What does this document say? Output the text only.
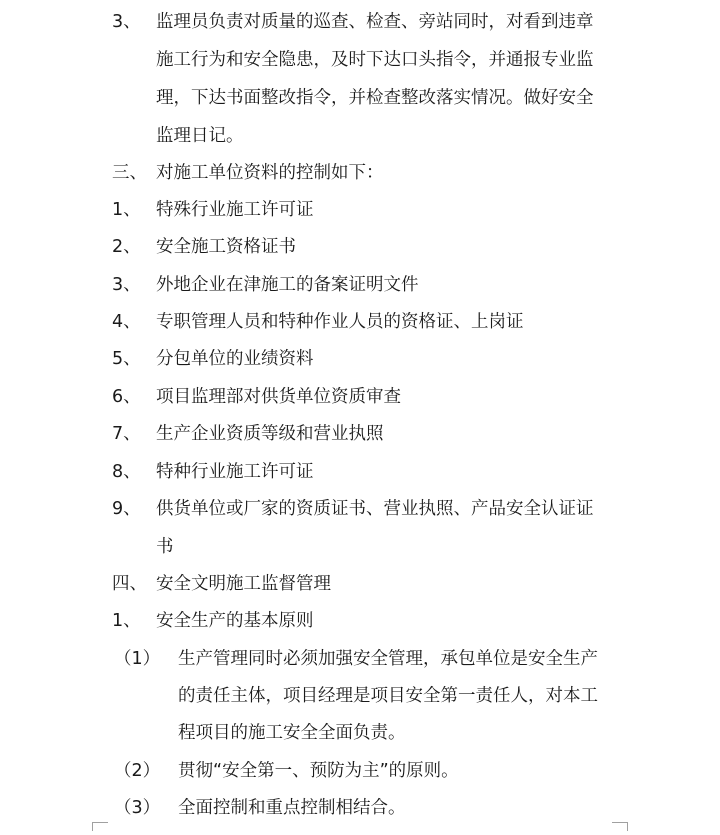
3、 监理员负责对质量的巡查、检查、旁站同时，对看到违章
施工行为和安全隐患，及时下达口头指令，并通报专业监
理，下达书面整改指令，并检查整改落实情况。做好安全
监理日记。
三、 对施工单位资料的控制如下：
1、 特殊行业施工许可证
2、 安全施工资格证书
3、 外地企业在津施工的备案证明文件
4、 专职管理人员和特种作业人员的资格证、上岗证
5、 分包单位的业绩资料
6、 项目监理部对供货单位资质审查
7、 生产企业资质等级和营业执照
8、 特种行业施工许可证
9、 供货单位或厂家的资质证书、营业执照、产品安全认证证
书
四、 安全文明施工监督管理
1、 安全生产的基本原则
（1） 生产管理同时必须加强安全管理，承包单位是安全生产
的责任主体，项目经理是项目安全第一责任人，对本工
程项目的施工安全全面负责。
（2） 贯彻“安全第一、预防为主”的原则。
（3） 全面控制和重点控制相结合。
